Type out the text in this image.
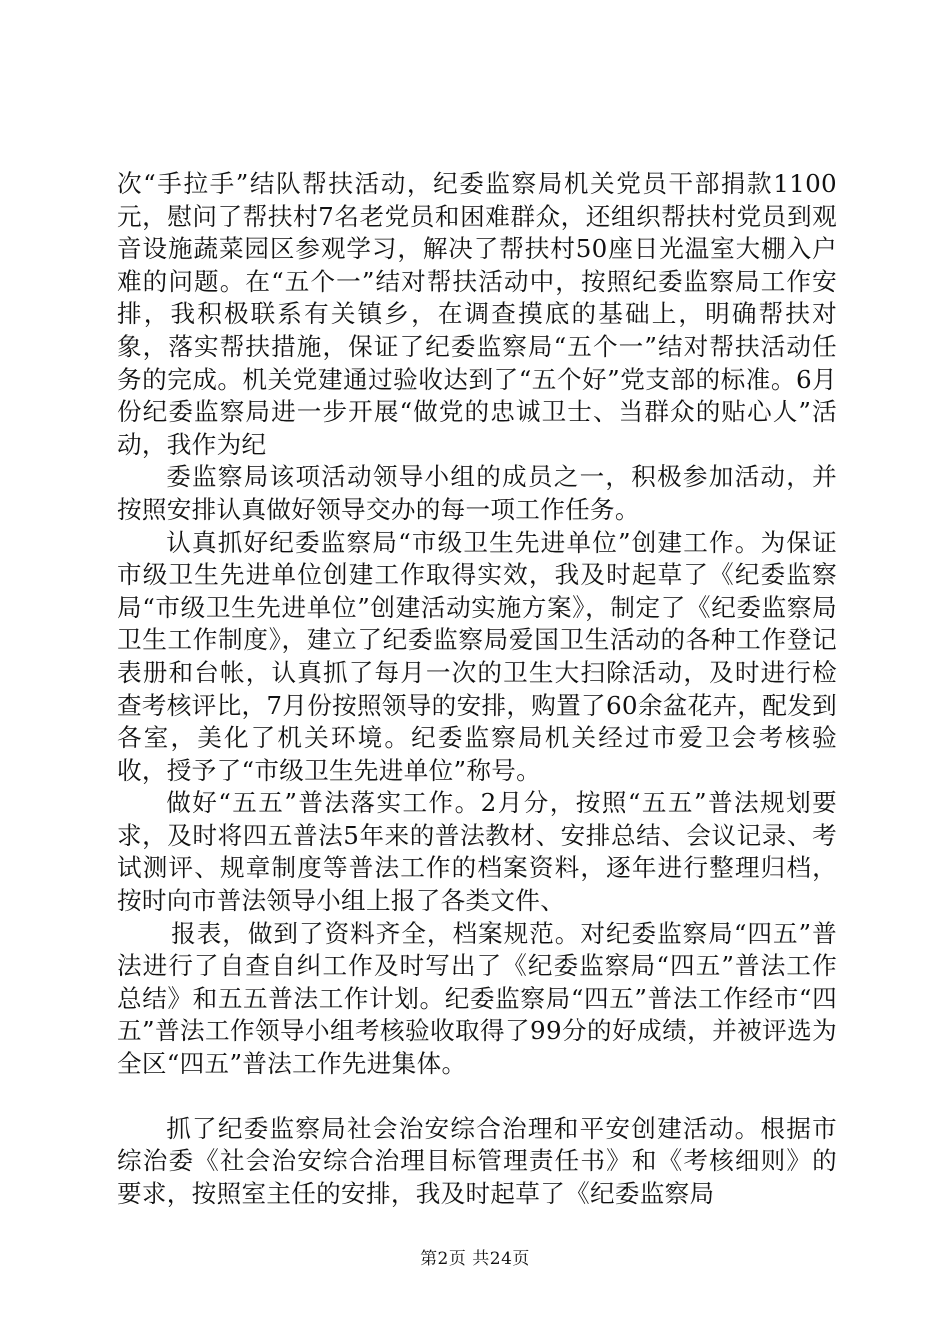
次“手拉手”结队帮扶活动，纪委监察局机关党员干部捐款1100元，慰问了帮扶村7名老党员和困难群众，还组织帮扶村党员到观音设施蔬菜园区参观学习，解决了帮扶村50座日光温室大棚入户难的问题。在“五个一”结对帮扶活动中，按照纪委监察局工作安排，我积极联系有关镇乡，在调查摸底的基础上，明确帮扶对象，落实帮扶措施，保证了纪委监察局“五个一”结对帮扶活动任务的完成。机关党建通过验收达到了“五个好”党支部的标准。6月份纪委监察局进一步开展“做党的忠诚卫士、当群众的贴心人”活动，我作为纪

委监察局该项活动领导小组的成员之一，积极参加活动，并按照安排认真做好领导交办的每一项工作任务。

认真抓好纪委监察局“市级卫生先进单位”创建工作。为保证市级卫生先进单位创建工作取得实效，我及时起草了《纪委监察局“市级卫生先进单位”创建活动实施方案》，制定了《纪委监察局卫生工作制度》，建立了纪委监察局爱国卫生活动的各种工作登记表册和台帐，认真抓了每月一次的卫生大扫除活动，及时进行检查考核评比，7月份按照领导的安排，购置了60余盆花卉，配发到各室，美化了机关环境。纪委监察局机关经过市爱卫会考核验收，授予了“市级卫生先进单位”称号。

做好“五五”普法落实工作。2月分，按照“五五”普法规划要求，及时将四五普法5年来的普法教材、安排总结、会议记录、考试测评、规章制度等普法工作的档案资料，逐年进行整理归档，按时向市普法领导小组上报了各类文件、

报表，做到了资料齐全，档案规范。对纪委监察局“四五”普法进行了自查自纠工作及时写出了《纪委监察局“四五”普法工作总结》和五五普法工作计划。纪委监察局“四五”普法工作经市“四五”普法工作领导小组考核验收取得了99分的好成绩，并被评选为全区“四五”普法工作先进集体。

抓了纪委监察局社会治安综合治理和平安创建活动。根据市综治委《社会治安综合治理目标管理责任书》和《考核细则》的要求，按照室主任的安排，我及时起草了《纪委监察局

第2页 共24页
